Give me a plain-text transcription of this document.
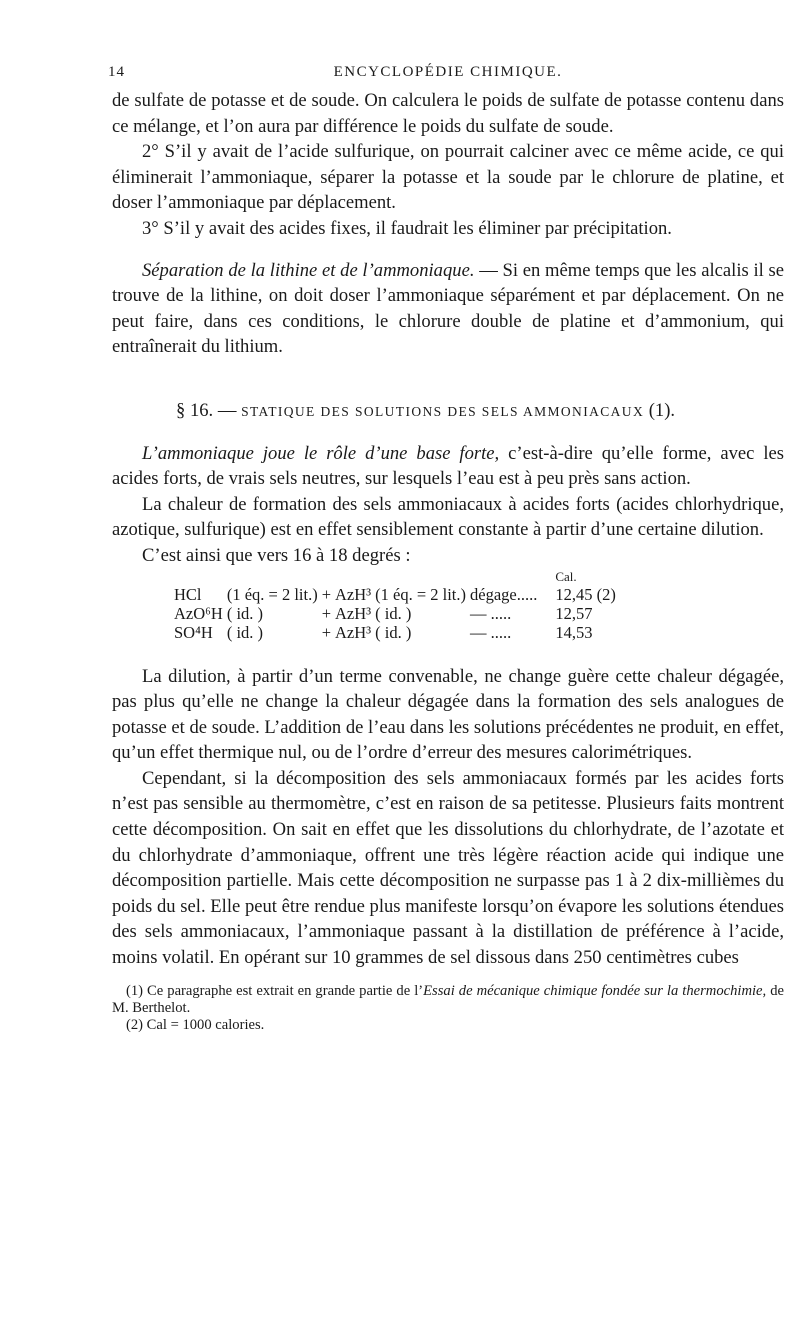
14	ENCYCLOPÉDIE CHIMIQUE.

de sulfate de potasse et de soude. On calculera le poids de sulfate de potasse contenu dans ce mélange, et l’on aura par différence le poids du sulfate de soude.

2° S’il y avait de l’acide sulfurique, on pourrait calciner avec ce même acide, ce qui éliminerait l’ammoniaque, séparer la potasse et la soude par le chlorure de platine, et doser l’ammoniaque par déplacement.

3° S’il y avait des acides fixes, il faudrait les éliminer par précipitation.

Séparation de la lithine et de l’ammoniaque. — Si en même temps que les alcalis il se trouve de la lithine, on doit doser l’ammoniaque séparément et par déplacement. On ne peut faire, dans ces conditions, le chlorure double de platine et d’ammonium, qui entraînerait du lithium.

§ 16. — STATIQUE DES SOLUTIONS DES SELS AMMONIACAUX (1).

L’ammoniaque joue le rôle d’une base forte, c’est-à-dire qu’elle forme, avec les acides forts, de vrais sels neutres, sur lesquels l’eau est à peu près sans action.

La chaleur de formation des sels ammoniacaux à acides forts (acides chlorhydrique, azotique, sulfurique) est en effet sensiblement constante à partir d’une certaine dilution.

C’est ainsi que vers 16 à 18 degrés :

						Cal.
HCl	(1 éq. = 2 lit.)	+	AzH³	(1 éq. = 2 lit.)	dégage.....	12,45 (2)
AzO⁶H	( id. )	+	AzH³	( id. )	— .....	12,57
SO⁴H	( id. )	+	AzH³	( id. )	— .....	14,53

La dilution, à partir d’un terme convenable, ne change guère cette chaleur dégagée, pas plus qu’elle ne change la chaleur dégagée dans la formation des sels analogues de potasse et de soude. L’addition de l’eau dans les solutions précédentes ne produit, en effet, qu’un effet thermique nul, ou de l’ordre d’erreur des mesures calorimétriques.

Cependant, si la décomposition des sels ammoniacaux formés par les acides forts n’est pas sensible au thermomètre, c’est en raison de sa petitesse. Plusieurs faits montrent cette décomposition. On sait en effet que les dissolutions du chlorhydrate, de l’azotate et du chlorhydrate d’ammoniaque, offrent une très légère réaction acide qui indique une décomposition partielle. Mais cette décomposition ne surpasse pas 1 à 2 dix-millièmes du poids du sel. Elle peut être rendue plus manifeste lorsqu’on évapore les solutions étendues des sels ammoniacaux, l’ammoniaque passant à la distillation de préférence à l’acide, moins volatil. En opérant sur 10 grammes de sel dissous dans 250 centimètres cubes

(1) Ce paragraphe est extrait en grande partie de l’Essai de mécanique chimique fondée sur la thermochimie, de M. Berthelot.

(2) Cal = 1000 calories.
